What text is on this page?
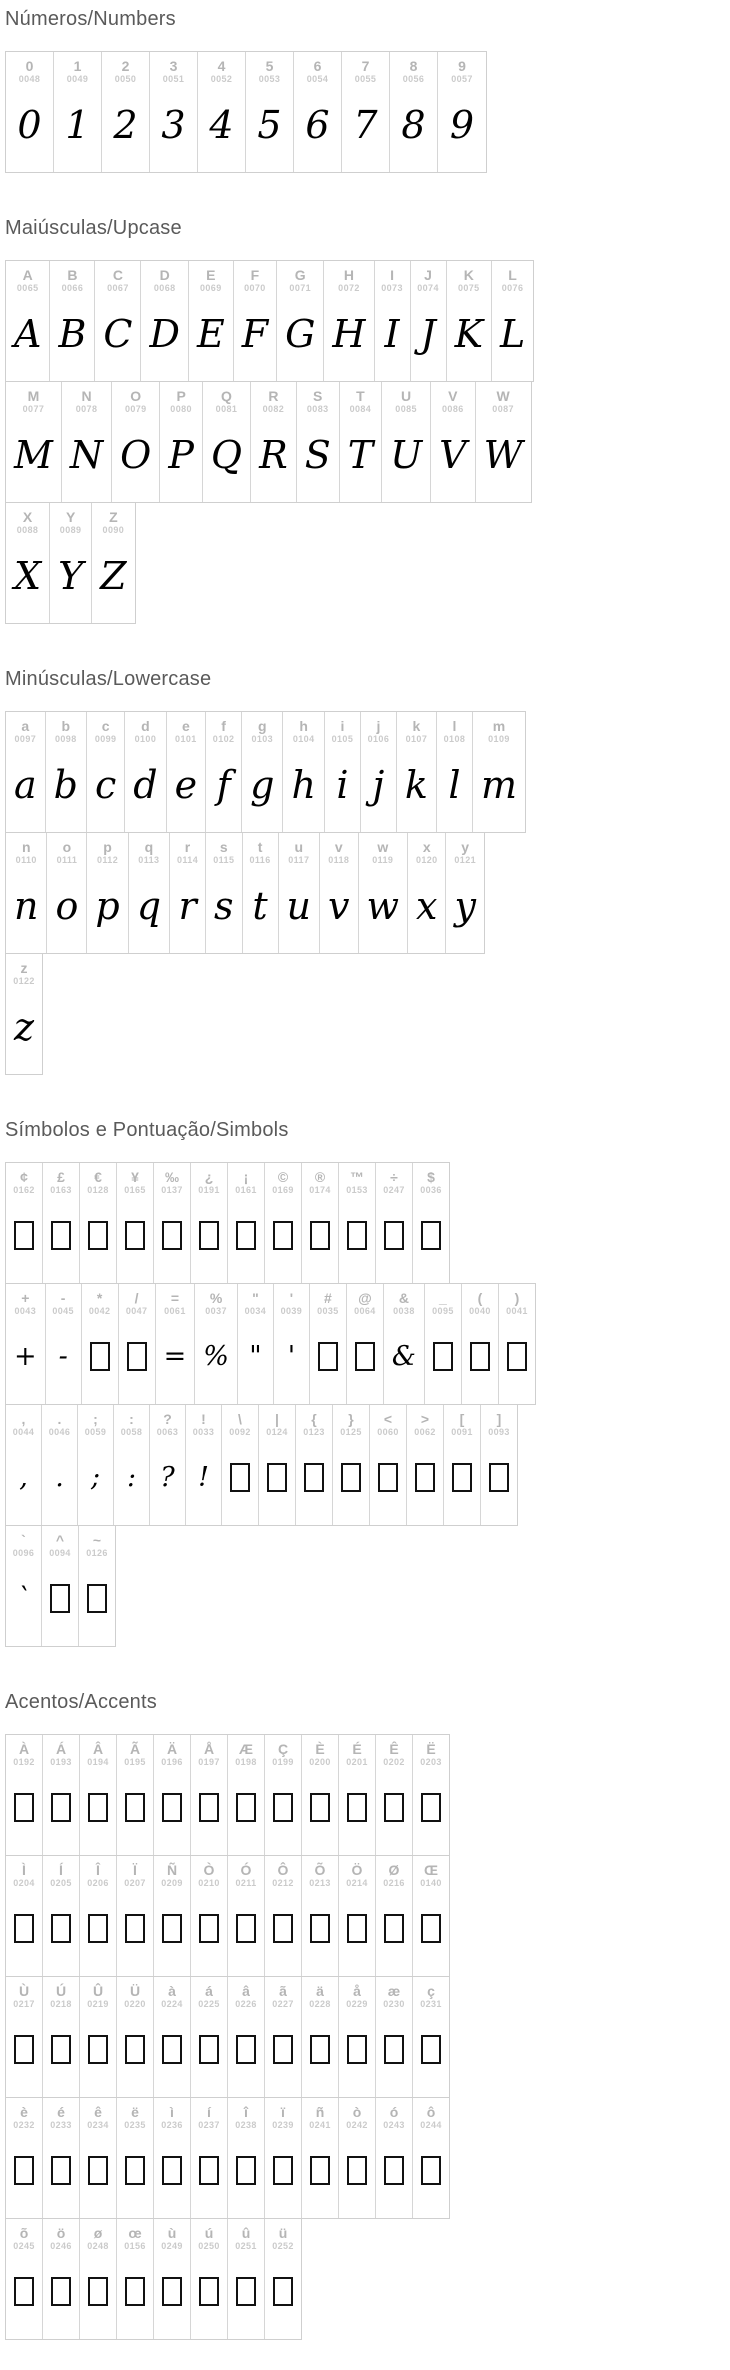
Números/Numbers
0
0048
0
1
0049
1
2
0050
2
3
0051
3
4
0052
4
5
0053
5
6
0054
6
7
0055
7
8
0056
8
9
0057
9
Maiúsculas/Upcase
A
0065
A
B
0066
B
C
0067
C
D
0068
D
E
0069
E
F
0070
F
G
0071
G
H
0072
H
I
0073
I
J
0074
J
K
0075
K
L
0076
L
M
0077
M
N
0078
N
O
0079
O
P
0080
P
Q
0081
Q
R
0082
R
S
0083
S
T
0084
T
U
0085
U
V
0086
V
W
0087
W
X
0088
X
Y
0089
Y
Z
0090
Z
Minúsculas/Lowercase
a
0097
a
b
0098
b
c
0099
c
d
0100
d
e
0101
e
f
0102
f
g
0103
g
h
0104
h
i
0105
i
j
0106
j
k
0107
k
l
0108
l
m
0109
m
n
0110
n
o
0111
o
p
0112
p
q
0113
q
r
0114
r
s
0115
s
t
0116
t
u
0117
u
v
0118
v
w
0119
w
x
0120
x
y
0121
y
z
0122
z
Símbolos e Pontuação/Simbols
¢
0162
£
0163
€
0128
¥
0165
‰
0137
¿
0191
¡
0161
©
0169
®
0174
™
0153
÷
0247
$
0036
+
0043
+
-
0045
-
*
0042
/
0047
=
0061
=
%
0037
%
"
0034
"
'
0039
'
#
0035
@
0064
&
0038
&
_
0095
(
0040
)
0041
,
0044
,
.
0046
.
;
0059
;
:
0058
:
?
0063
?
!
0033
!
\
0092
|
0124
{
0123
}
0125
<
0060
>
0062
[
0091
]
0093
`
0096
`
^
0094
~
0126
Acentos/Accents
À
0192
Á
0193
Â
0194
Ã
0195
Ä
0196
Å
0197
Æ
0198
Ç
0199
È
0200
É
0201
Ê
0202
Ë
0203
Ì
0204
Í
0205
Î
0206
Ï
0207
Ñ
0209
Ò
0210
Ó
0211
Ô
0212
Õ
0213
Ö
0214
Ø
0216
Œ
0140
Ù
0217
Ú
0218
Û
0219
Ü
0220
à
0224
á
0225
â
0226
ã
0227
ä
0228
å
0229
æ
0230
ç
0231
è
0232
é
0233
ê
0234
ë
0235
ì
0236
í
0237
î
0238
ï
0239
ñ
0241
ò
0242
ó
0243
ô
0244
õ
0245
ö
0246
ø
0248
œ
0156
ù
0249
ú
0250
û
0251
ü
0252
